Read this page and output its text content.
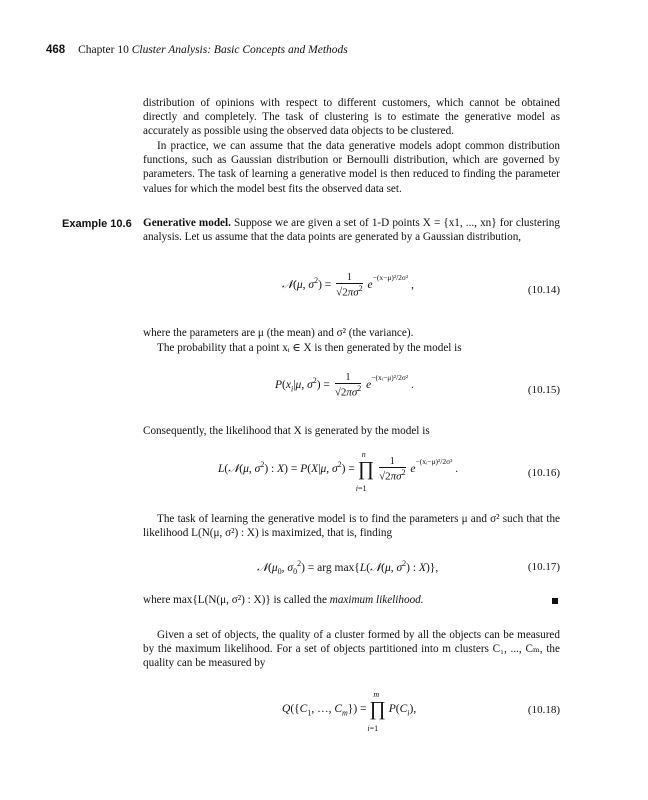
468 Chapter 10 Cluster Analysis: Basic Concepts and Methods

distribution of opinions with respect to different customers, which cannot be obtained directly and completely. The task of clustering is to estimate the generative model as accurately as possible using the observed data objects to be clustered.

In practice, we can assume that the data generative models adopt common distribution functions, such as Gaussian distribution or Bernoulli distribution, which are governed by parameters. The task of learning a generative model is then reduced to finding the parameter values for which the model best fits the observed data set.

Example 10.6 Generative model. Suppose we are given a set of 1-D points X = {x1, ..., xn} for clustering analysis. Let us assume that the data points are generated by a Gaussian distribution,

𝒩(μ, $\sigma^2) = \frac{1}{√2\pi\sigma^2} e^{-(x-\mu)^2/2\sigma^2}$ ,	(10.14)

where the parameters are μ (the mean) and σ² (the variance).

The probability that a point xᵢ ∈ X is then generated by the model is

$P(x_i|\mu$, $\sigma^2) = \frac{1}{√2\pi\sigma^2} e^{-(xᵢ-\mu)^2/2\sigma^2}$ .	(10.15)

Consequently, the likelihood that X is generated by the model is

L(𝒩(μ, $\sigma^2$) : X) = P(X|μ, $\sigma^2$) = ∏
n
i=1

$\frac{1}{√2\pi\sigma^2} e^{-(xᵢ-\mu)^2/2\sigma^2}$ .	(10.16)

The task of learning the generative model is to find the parameters μ and σ² such that the likelihood L(N(μ, σ²) : X) is maximized, that is, finding

$𝒩(\mu_0$, $\sigma_0^2$) = arg max{L(𝒩(μ, $\sigma^2$) : X)},	(10.17)

where max{L(N(μ, σ²) : X)} is called the maximum likelihood.

Given a set of objects, the quality of a cluster formed by all the objects can be measured by the maximum likelihood. For a set of objects partitioned into m clusters C₁, ..., Cₘ, the quality can be measured by

$Q(\{C_1$, …, $C_m$}) = ∏
m
i=1
$P(C_i)$,	(10.18)
